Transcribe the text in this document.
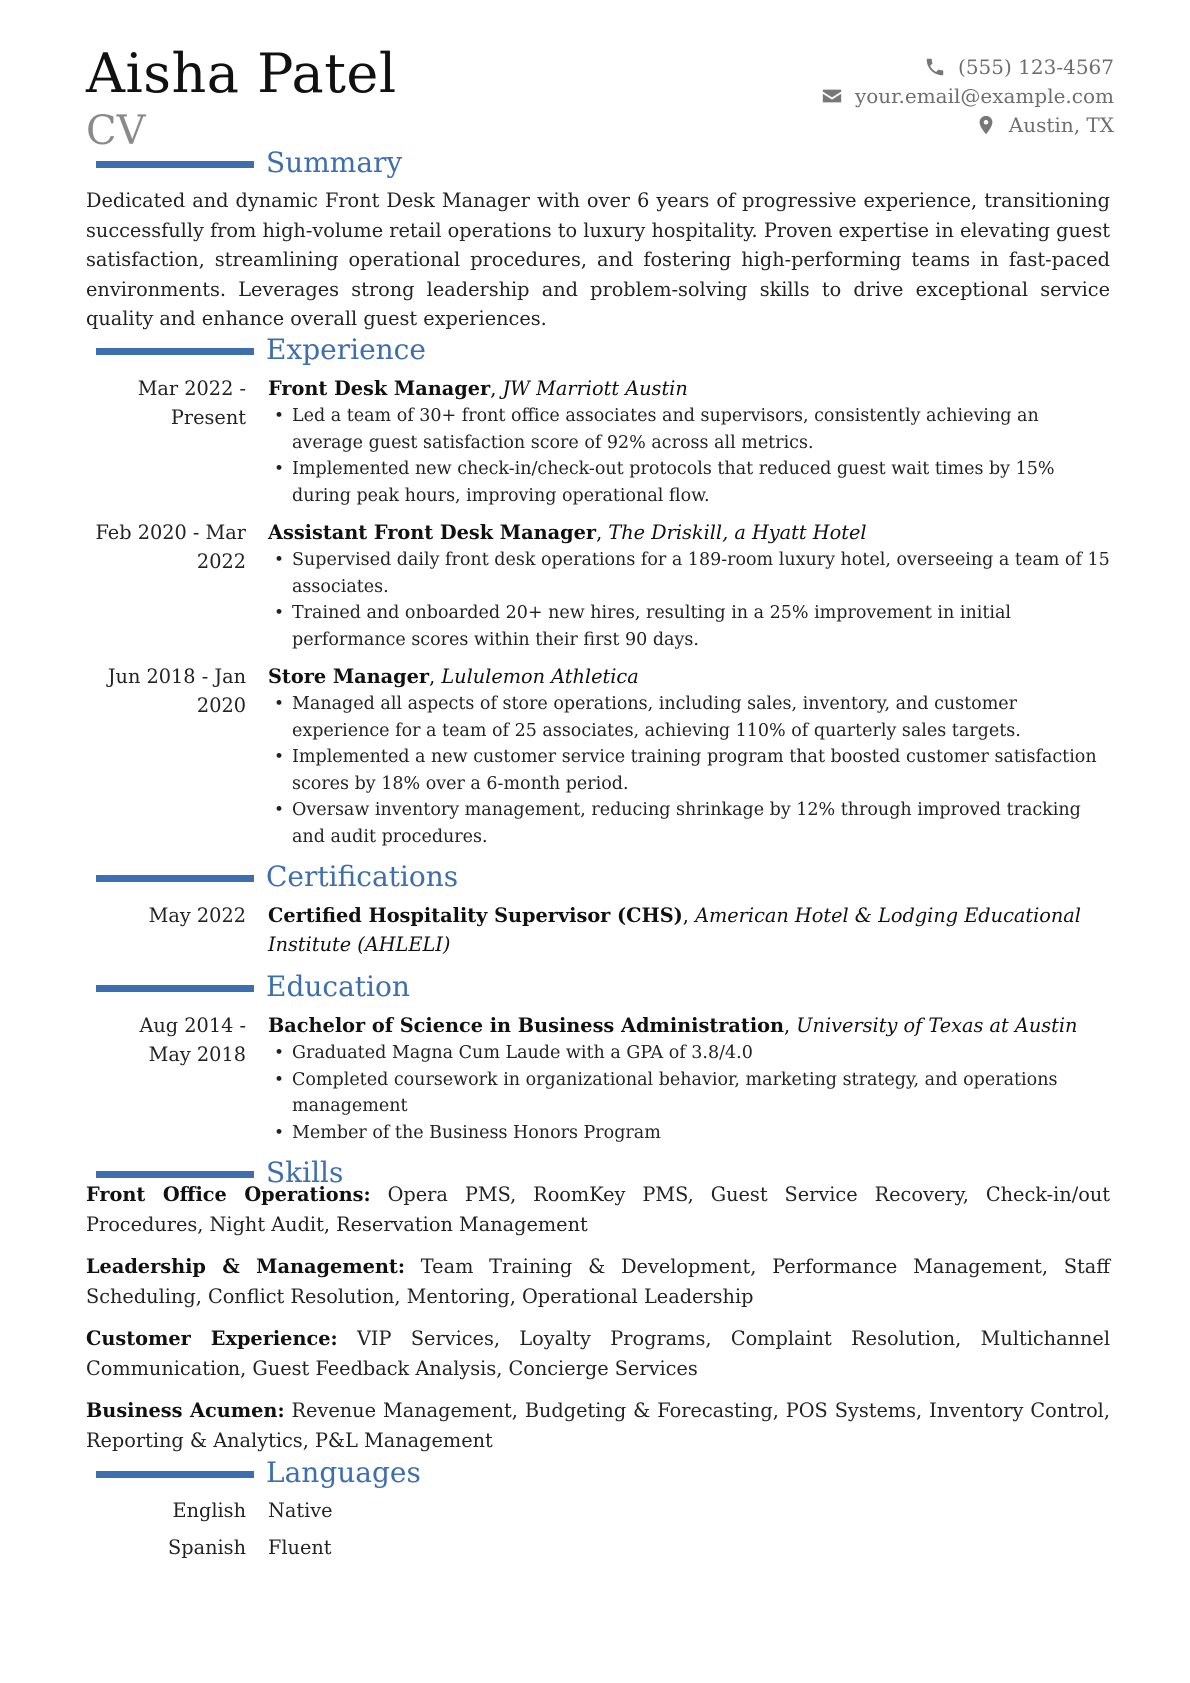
Aisha Patel
CV
(555) 123-4567
your.email@example.com
Austin, TX
Summary
Dedicated and dynamic Front Desk Manager with over 6 years of progressive experience, transitioning successfully from high-volume retail operations to luxury hospitality. Proven expertise in elevating guest satisfaction, streamlining operational procedures, and fostering high-performing teams in fast-paced environments. Leverages strong leadership and problem-solving skills to drive exceptional service quality and enhance overall guest experiences.
Experience
Mar 2022 -
Present
Front Desk Manager, JW Marriott Austin
• Led a team of 30+ front office associates and supervisors, consistently achieving an average guest satisfaction score of 92% across all metrics.
• Implemented new check-in/check-out protocols that reduced guest wait times by 15% during peak hours, improving operational flow.
Feb 2020 - Mar
2022
Assistant Front Desk Manager, The Driskill, a Hyatt Hotel
• Supervised daily front desk operations for a 189-room luxury hotel, overseeing a team of 15 associates.
• Trained and onboarded 20+ new hires, resulting in a 25% improvement in initial performance scores within their first 90 days.
Jun 2018 - Jan
2020
Store Manager, Lululemon Athletica
• Managed all aspects of store operations, including sales, inventory, and customer experience for a team of 25 associates, achieving 110% of quarterly sales targets.
• Implemented a new customer service training program that boosted customer satisfaction scores by 18% over a 6-month period.
• Oversaw inventory management, reducing shrinkage by 12% through improved tracking and audit procedures.
Certifications
May 2022 Certified Hospitality Supervisor (CHS), American Hotel & Lodging Educational Institute (AHLELI)
Education
Aug 2014 -
May 2018
Bachelor of Science in Business Administration, University of Texas at Austin
• Graduated Magna Cum Laude with a GPA of 3.8/4.0
• Completed coursework in organizational behavior, marketing strategy, and operations management
• Member of the Business Honors Program
Skills
Front Office Operations: Opera PMS, RoomKey PMS, Guest Service Recovery, Check-in/out Procedures, Night Audit, Reservation Management
Leadership & Management: Team Training & Development, Performance Management, Staff Scheduling, Conflict Resolution, Mentoring, Operational Leadership
Customer Experience: VIP Services, Loyalty Programs, Complaint Resolution, Multichannel Communication, Guest Feedback Analysis, Concierge Services
Business Acumen: Revenue Management, Budgeting & Forecasting, POS Systems, Inventory Control, Reporting & Analytics, P&L Management
Languages
English Native
Spanish Fluent
